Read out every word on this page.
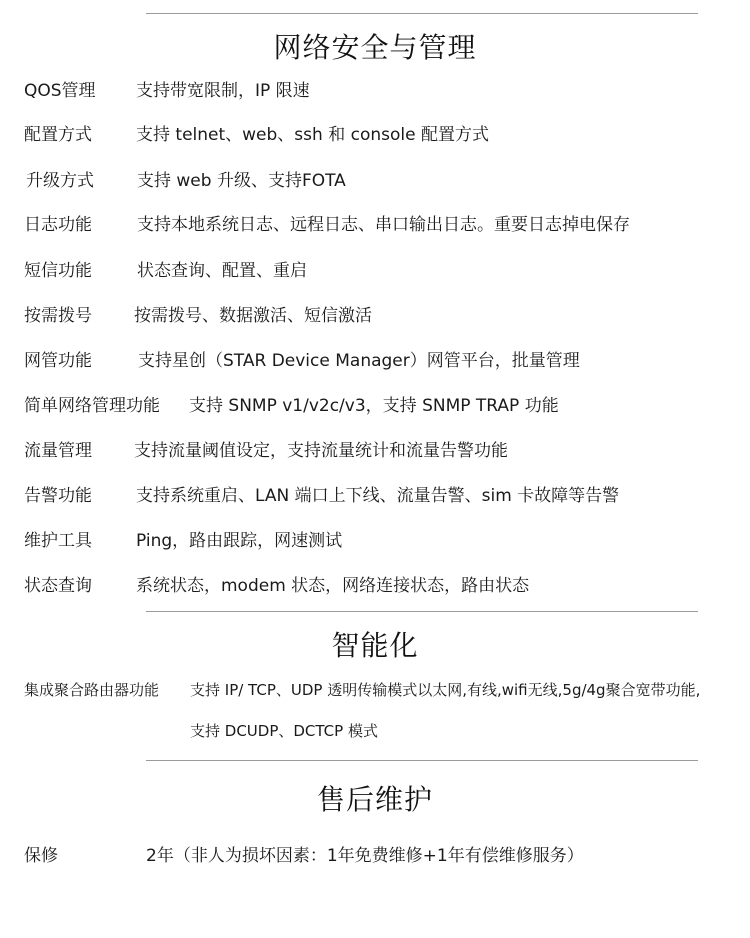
网络安全与管理
QOS管理 支持带宽限制，IP 限速
配置方式	支持 telnet、web、ssh 和 console 配置方式
升级方式	支持 web 升级、支持FOTA
日志功能	支持本地系统日志、远程日志、串口输出日志。重要日志掉电保存
短信功能	状态查询、配置、重启
按需拨号 按需拨号、数据激活、短信激活
网管功能	支持星创（STAR Device Manager）网管平台，批量管理
简单网络管理功能 支持 SNMP v1/v2c/v3，支持 SNMP TRAP 功能
流量管理 支持流量阈值设定，支持流量统计和流量告警功能
告警功能	支持系统重启、LAN 端口上下线、流量告警、sim 卡故障等告警
维护工具	Ping，路由跟踪，网速测试
状态查询	系统状态，modem 状态，网络连接状态，路由状态
智能化
集成聚合路由器功能 支持 IP/ TCP、UDP 透明传输模式以太网,有线,wifi无线,5g/4g聚合宽带功能,
支持 DCUDP、DCTCP 模式
售后维护
保修	2年（非人为损坏因素：1年免费维修+1年有偿维修服务）
